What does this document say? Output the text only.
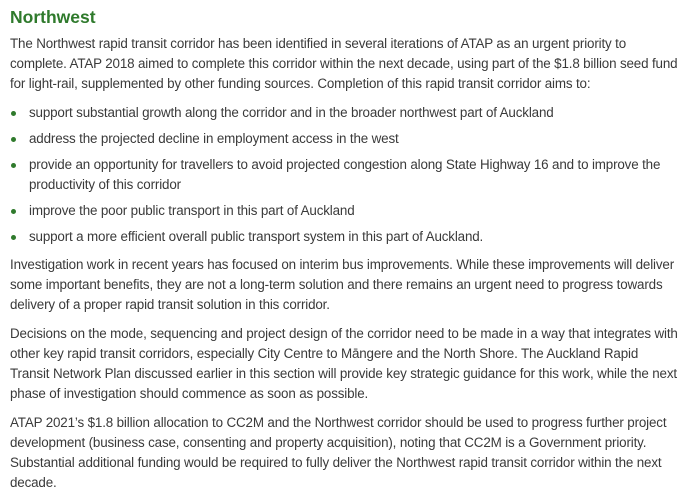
Northwest

The Northwest rapid transit corridor has been identified in several iterations of ATAP as an urgent priority to complete. ATAP 2018 aimed to complete this corridor within the next decade, using part of the $1.8 billion seed fund for light-rail, supplemented by other funding sources. Completion of this rapid transit corridor aims to:

support substantial growth along the corridor and in the broader northwest part of Auckland
address the projected decline in employment access in the west
provide an opportunity for travellers to avoid projected congestion along State Highway 16 and to improve the productivity of this corridor
improve the poor public transport in this part of Auckland
support a more efficient overall public transport system in this part of Auckland.

Investigation work in recent years has focused on interim bus improvements. While these improvements will deliver some important benefits, they are not a long-term solution and there remains an urgent need to progress towards delivery of a proper rapid transit solution in this corridor.

Decisions on the mode, sequencing and project design of the corridor need to be made in a way that integrates with other key rapid transit corridors, especially City Centre to Māngere and the North Shore. The Auckland Rapid Transit Network Plan discussed earlier in this section will provide key strategic guidance for this work, while the next phase of investigation should commence as soon as possible.

ATAP 2021’s $1.8 billion allocation to CC2M and the Northwest corridor should be used to progress further project development (business case, consenting and property acquisition), noting that CC2M is a Government priority. Substantial additional funding would be required to fully deliver the Northwest rapid transit corridor within the next decade.
